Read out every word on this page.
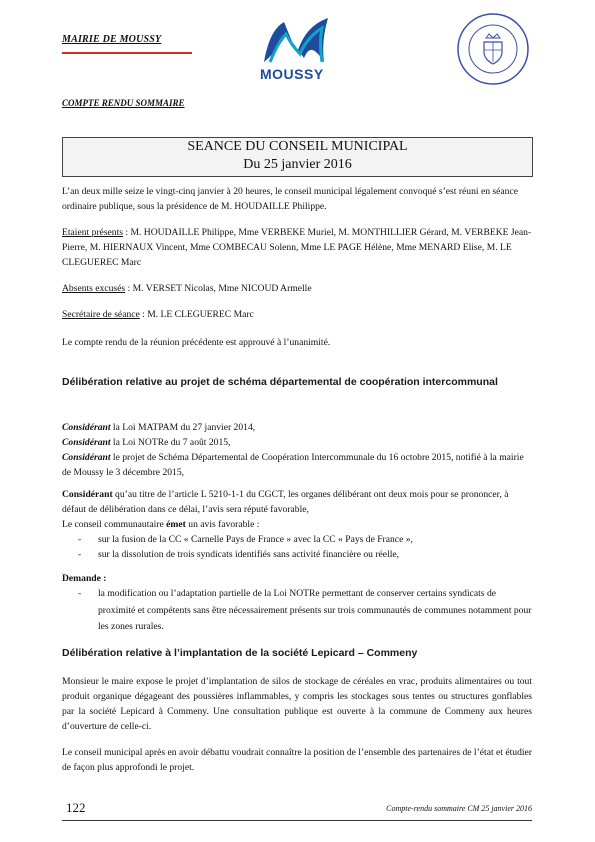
MAIRIE DE MOUSSY
MOUSSY
COMPTE RENDU SOMMAIRE
SEANCE DU CONSEIL MUNICIPAL
Du 25 janvier 2016
L’an deux mille seize le vingt-cinq janvier à 20 heures, le conseil municipal légalement convoqué s’est réuni en séance ordinaire publique, sous la présidence de M. HOUDAILLE Philippe.
Etaient présents : M. HOUDAILLE Philippe, Mme VERBEKE Muriel, M. MONTHILLIER Gérard, M. VERBEKE Jean-Pierre, M. HIERNAUX Vincent, Mme COMBECAU Solenn, Mme LE PAGE Hélène, Mme MENARD Elise, M. LE CLEGUEREC Marc
Absents excusés : M. VERSET Nicolas, Mme NICOUD Armelle
Secrétaire de séance : M. LE CLEGUEREC Marc
Le compte rendu de la réunion précédente est approuvé à l’unanimité.
Délibération relative au projet de schéma départemental de coopération intercommunal
Considérant la Loi MATPAM du 27 janvier 2014,
Considérant la Loi NOTRe du 7 août 2015,
Considérant le projet de Schéma Départemental de Coopération Intercommunale du 16 octobre 2015, notifié à la mairie de Moussy le 3 décembre 2015,
Considérant qu’au titre de l’article L 5210-1-1 du CGCT, les organes délibérant ont deux mois pour se prononcer, à défaut de délibération dans ce délai, l’avis sera réputé favorable,
Le conseil communautaire émet un avis favorable :
- sur la fusion de la CC « Carnelle Pays de France » avec la CC « Pays de France »,
- sur la dissolution de trois syndicats identifiés sans activité financière ou réelle,
Demande :
- la modification ou l’adaptation partielle de la Loi NOTRe permettant de conserver certains syndicats de proximité et compétents sans être nécessairement présents sur trois communautés de communes notamment pour les zones rurales.
Délibération relative à l’implantation de la société Lepicard – Commeny
Monsieur le maire expose le projet d’implantation de silos de stockage de céréales en vrac, produits alimentaires ou tout produit organique dégageant des poussières inflammables, y compris les stockages sous tentes ou structures gonflables par la société Lepicard à Commeny. Une consultation publique est ouverte à la commune de Commeny aux heures d’ouverture de celle-ci.
Le conseil municipal après en avoir débattu voudrait connaître la position de l’ensemble des partenaires de l’état et étudier de façon plus approfondi le projet.
122	Compte-rendu sommaire CM 25 janvier 2016
